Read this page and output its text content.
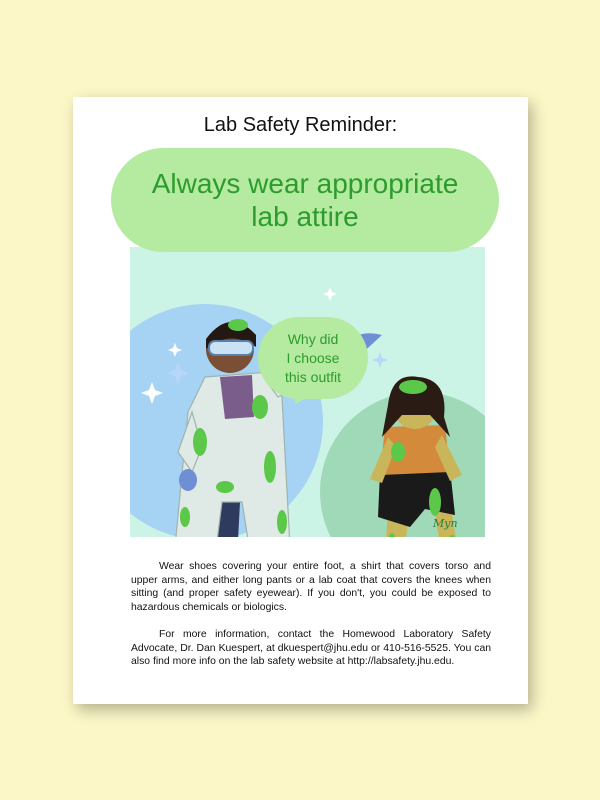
Lab Safety Reminder:
Always wear appropriate
lab attire
Why did
I choose
this outfit
Myn

Wear shoes covering your entire foot, a shirt that covers torso and upper arms, and either long pants or a lab coat that covers the knees when sitting (and proper safety eyewear). If you don't, you could be exposed to hazardous chemicals or biologics.

For more information, contact the Homewood Laboratory Safety Advocate, Dr. Dan Kuespert, at dkuespert@jhu.edu or 410-516-5525. You can also find more info on the lab safety website at http://labsafety.jhu.edu.
